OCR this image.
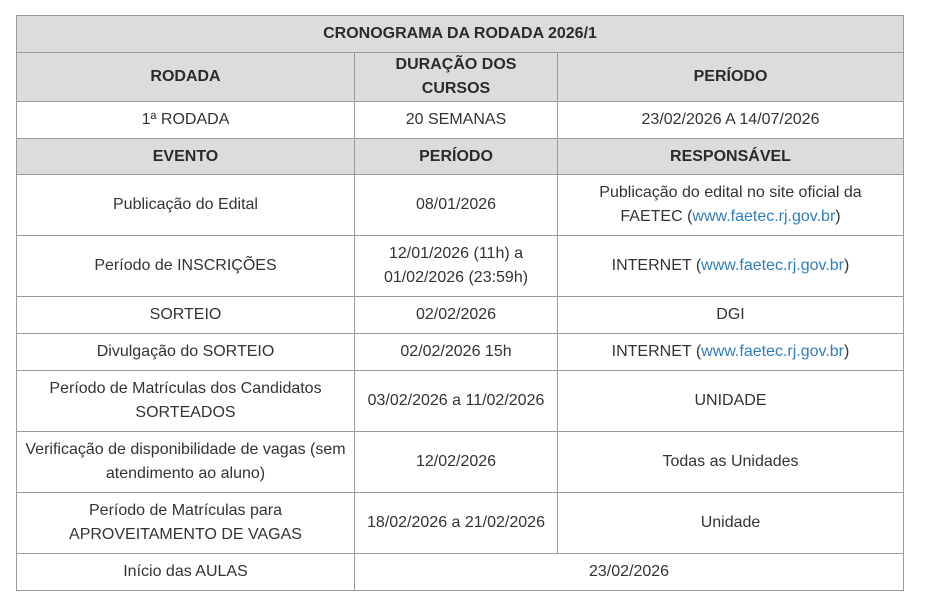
CRONOGRAMA DA RODADA 2026/1		
RODADA	DURAÇÃO DOS CURSOS	PERÍODO
1ª RODADA	20 SEMANAS	23/02/2026 A 14/07/2026
EVENTO	PERÍODO	RESPONSÁVEL
Publicação do Edital	08/01/2026	Publicação do edital no site oficial da FAETEC (www.faetec.rj.gov.br)
Período de INSCRIÇÕES	12/01/2026 (11h) a 01/02/2026 (23:59h)	INTERNET (www.faetec.rj.gov.br)
SORTEIO	02/02/2026	DGI
Divulgação do SORTEIO	02/02/2026 15h	INTERNET (www.faetec.rj.gov.br)
Período de Matrículas dos Candidatos SORTEADOS	03/02/2026 a 11/02/2026	UNIDADE
Verificação de disponibilidade de vagas (sem atendimento ao aluno)	12/02/2026	Todas as Unidades
Período de Matrículas para APROVEITAMENTO DE VAGAS	18/02/2026 a 21/02/2026	Unidade
Início das AULAS	23/02/2026	
